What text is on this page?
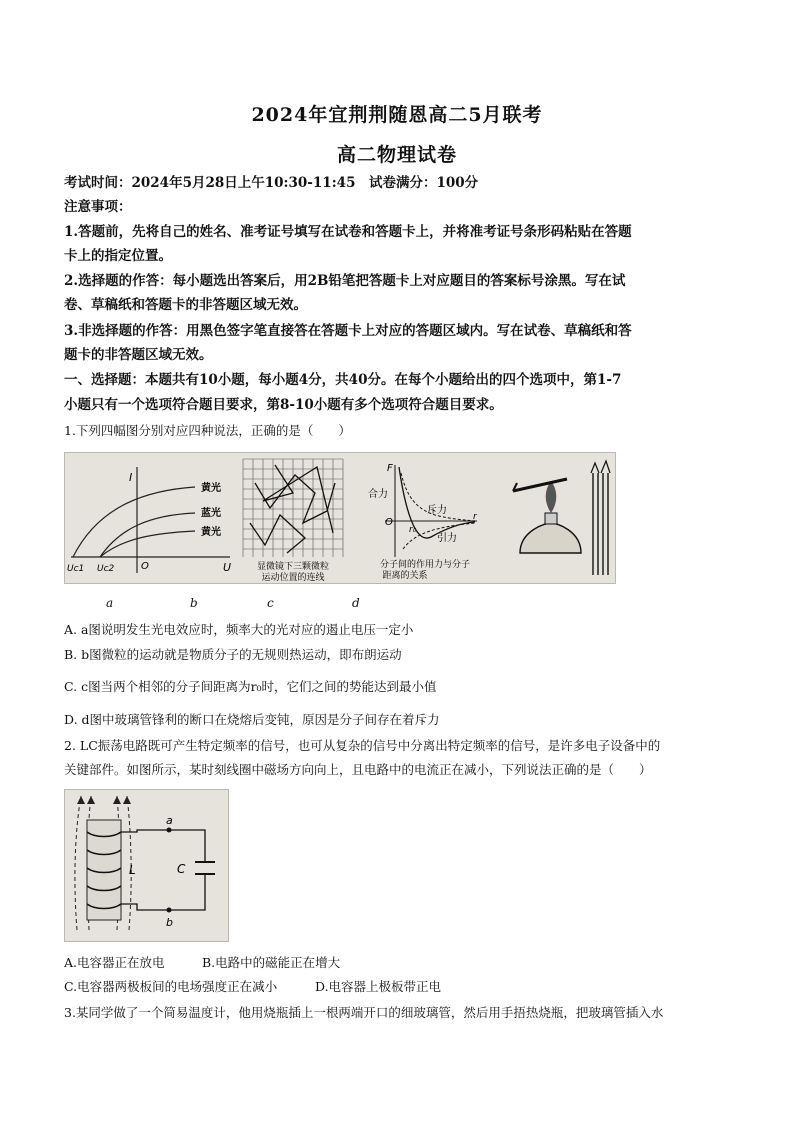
2024年宜荆荆随恩高二5月联考
高二物理试卷
考试时间：2024年5月28日上午10:30-11:45　试卷满分：100分
注意事项：
1.答题前，先将自己的姓名、准考证号填写在试卷和答题卡上，并将准考证号条形码粘贴在答题
卡上的指定位置。
2.选择题的作答：每小题选出答案后，用2B铅笔把答题卡上对应题目的答案标号涂黑。写在试
卷、草稿纸和答题卡的非答题区域无效。
3.非选择题的作答：用黑色签字笔直接答在答题卡上对应的答题区域内。写在试卷、草稿纸和答
题卡的非答题区域无效。
一、选择题：本题共有10小题，每小题4分，共40分。在每个小题给出的四个选项中，第1-7
小题只有一个选项符合题目要求，第8-10小题有多个选项符合题目要求。
1.下列四幅图分别对应四种说法，正确的是（　　）
I
U
O
Uc1 Uc2
黄光
蓝光
黄光
显微镜下三颗微粒
运动位置的连线
F
合力
斥力
引力
O
r₀
r
分子间的作用力与分子
距离的关系
a	b	c	d
A. a图说明发生光电效应时，频率大的光对应的遏止电压一定小
B. b图微粒的运动就是物质分子的无规则热运动，即布朗运动
C. c图当两个相邻的分子间距离为r₀时，它们之间的势能达到最小值
D. d图中玻璃管锋利的断口在烧熔后变钝，原因是分子间存在着斥力
2. LC振荡电路既可产生特定频率的信号，也可从复杂的信号中分离出特定频率的信号，是许多电子设备中的
关键部件。如图所示，某时刻线圈中磁场方向向上，且电路中的电流正在减小，下列说法正确的是（　　）
a
b
L	C
A.电容器正在放电	B.电路中的磁能正在增大
C.电容器两极板间的电场强度正在减小	D.电容器上极板带正电
3.某同学做了一个简易温度计，他用烧瓶插上一根两端开口的细玻璃管，然后用手捂热烧瓶，把玻璃管插入水
